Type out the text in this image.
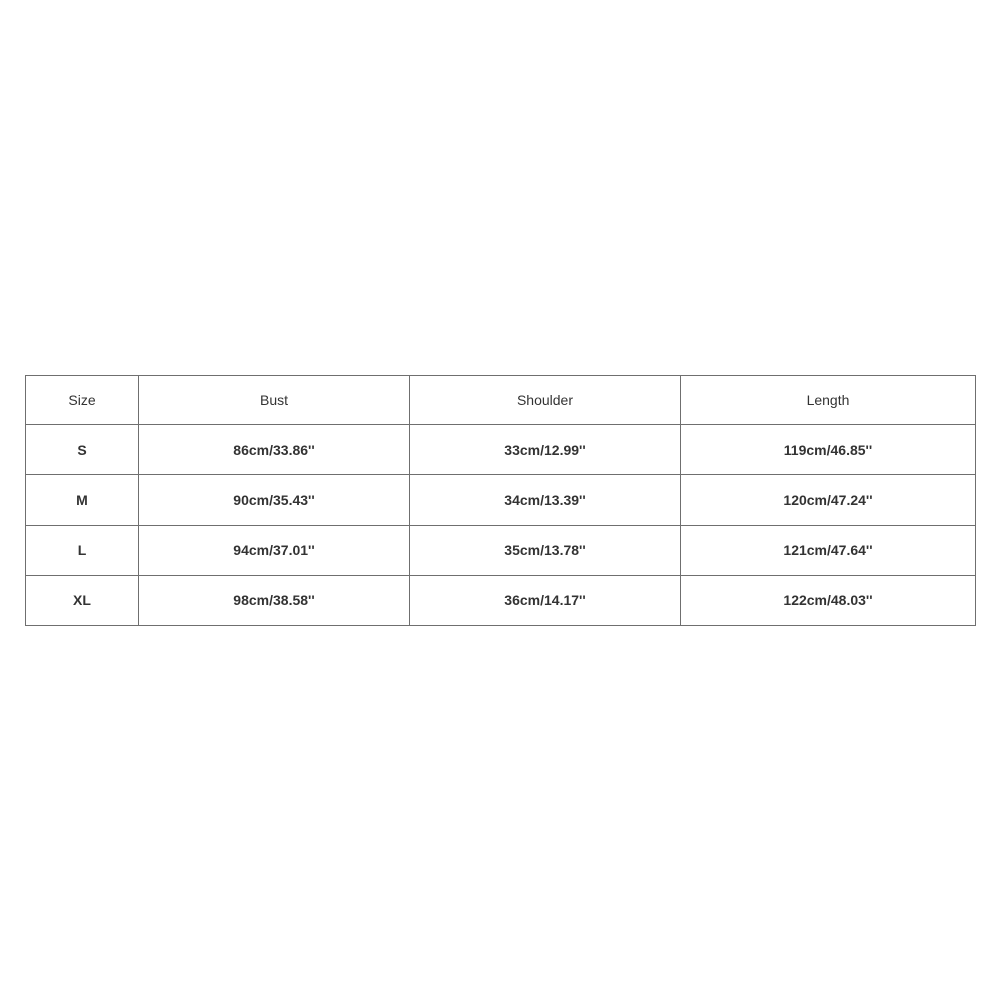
Size	Bust	Shoulder	Length
S	86cm/33.86''	33cm/12.99''	119cm/46.85''
M	90cm/35.43''	34cm/13.39''	120cm/47.24''
L	94cm/37.01''	35cm/13.78''	121cm/47.64''
XL	98cm/38.58''	36cm/14.17''	122cm/48.03''
